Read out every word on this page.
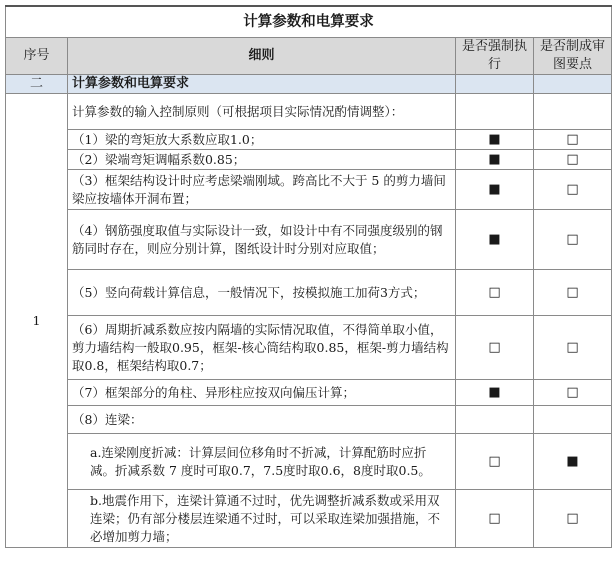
计算参数和电算要求			
序号	细则	是否强制执行	是否制成审图要点
二	计算参数和电算要求		
1	计算参数的输入控制原则（可根据项目实际情况酌情调整）：		
	（1）梁的弯矩放大系数应取1.0；	■	□
	（2）梁端弯矩调幅系数0.85；	■	□
	（3）框架结构设计时应考虑梁端刚域。跨高比不大于 5 的剪力墙间梁应按墙体开洞布置；	■	□
	（4）钢筋强度取值与实际设计一致，如设计中有不同强度级别的钢筋同时存在，则应分别计算，图纸设计时分别对应取值；	■	□
	（5）竖向荷载计算信息，一般情况下，按模拟施工加荷3方式；	□	□
	（6）周期折减系数应按内隔墙的实际情况取值，不得简单取小值，剪力墙结构一般取0.95，框架-核心筒结构取0.85，框架-剪力墙结构取0.8，框架结构取0.7；	□	□
	（7）框架部分的角柱、异形柱应按双向偏压计算；	■	□
	（8）连梁：		
	a.连梁刚度折减：计算层间位移角时不折减，计算配筋时应折减。折减系数 7 度时可取0.7，7.5度时取0.6，8度时取0.5。	□	■
	b.地震作用下，连梁计算通不过时，优先调整折减系数或采用双连梁；仍有部分楼层连梁通不过时，可以采取连梁加强措施，不必增加剪力墙；	□	□
